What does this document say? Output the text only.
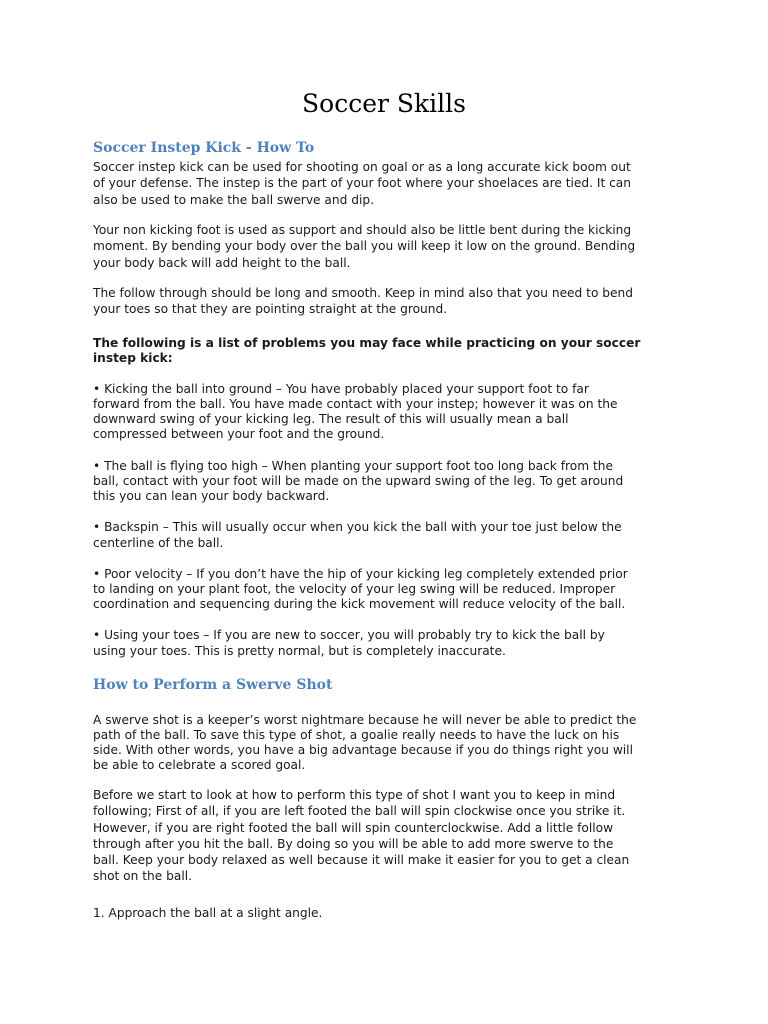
Soccer Skills
Soccer Instep Kick - How To
Soccer instep kick can be used for shooting on goal or as a long accurate kick boom out
of your defense. The instep is the part of your foot where your shoelaces are tied. It can
also be used to make the ball swerve and dip.
Your non kicking foot is used as support and should also be little bent during the kicking
moment. By bending your body over the ball you will keep it low on the ground. Bending
your body back will add height to the ball.
The follow through should be long and smooth. Keep in mind also that you need to bend
your toes so that they are pointing straight at the ground.
The following is a list of problems you may face while practicing on your soccer
instep kick:
• Kicking the ball into ground – You have probably placed your support foot to far
forward from the ball. You have made contact with your instep; however it was on the
downward swing of your kicking leg. The result of this will usually mean a ball
compressed between your foot and the ground.
• The ball is flying too high – When planting your support foot too long back from the
ball, contact with your foot will be made on the upward swing of the leg. To get around
this you can lean your body backward.
• Backspin – This will usually occur when you kick the ball with your toe just below the
centerline of the ball.
• Poor velocity – If you don’t have the hip of your kicking leg completely extended prior
to landing on your plant foot, the velocity of your leg swing will be reduced. Improper
coordination and sequencing during the kick movement will reduce velocity of the ball.
• Using your toes – If you are new to soccer, you will probably try to kick the ball by
using your toes. This is pretty normal, but is completely inaccurate.
How to Perform a Swerve Shot
A swerve shot is a keeper’s worst nightmare because he will never be able to predict the
path of the ball. To save this type of shot, a goalie really needs to have the luck on his
side. With other words, you have a big advantage because if you do things right you will
be able to celebrate a scored goal.
Before we start to look at how to perform this type of shot I want you to keep in mind
following; First of all, if you are left footed the ball will spin clockwise once you strike it.
However, if you are right footed the ball will spin counterclockwise. Add a little follow
through after you hit the ball. By doing so you will be able to add more swerve to the
ball. Keep your body relaxed as well because it will make it easier for you to get a clean
shot on the ball.
1. Approach the ball at a slight angle.
